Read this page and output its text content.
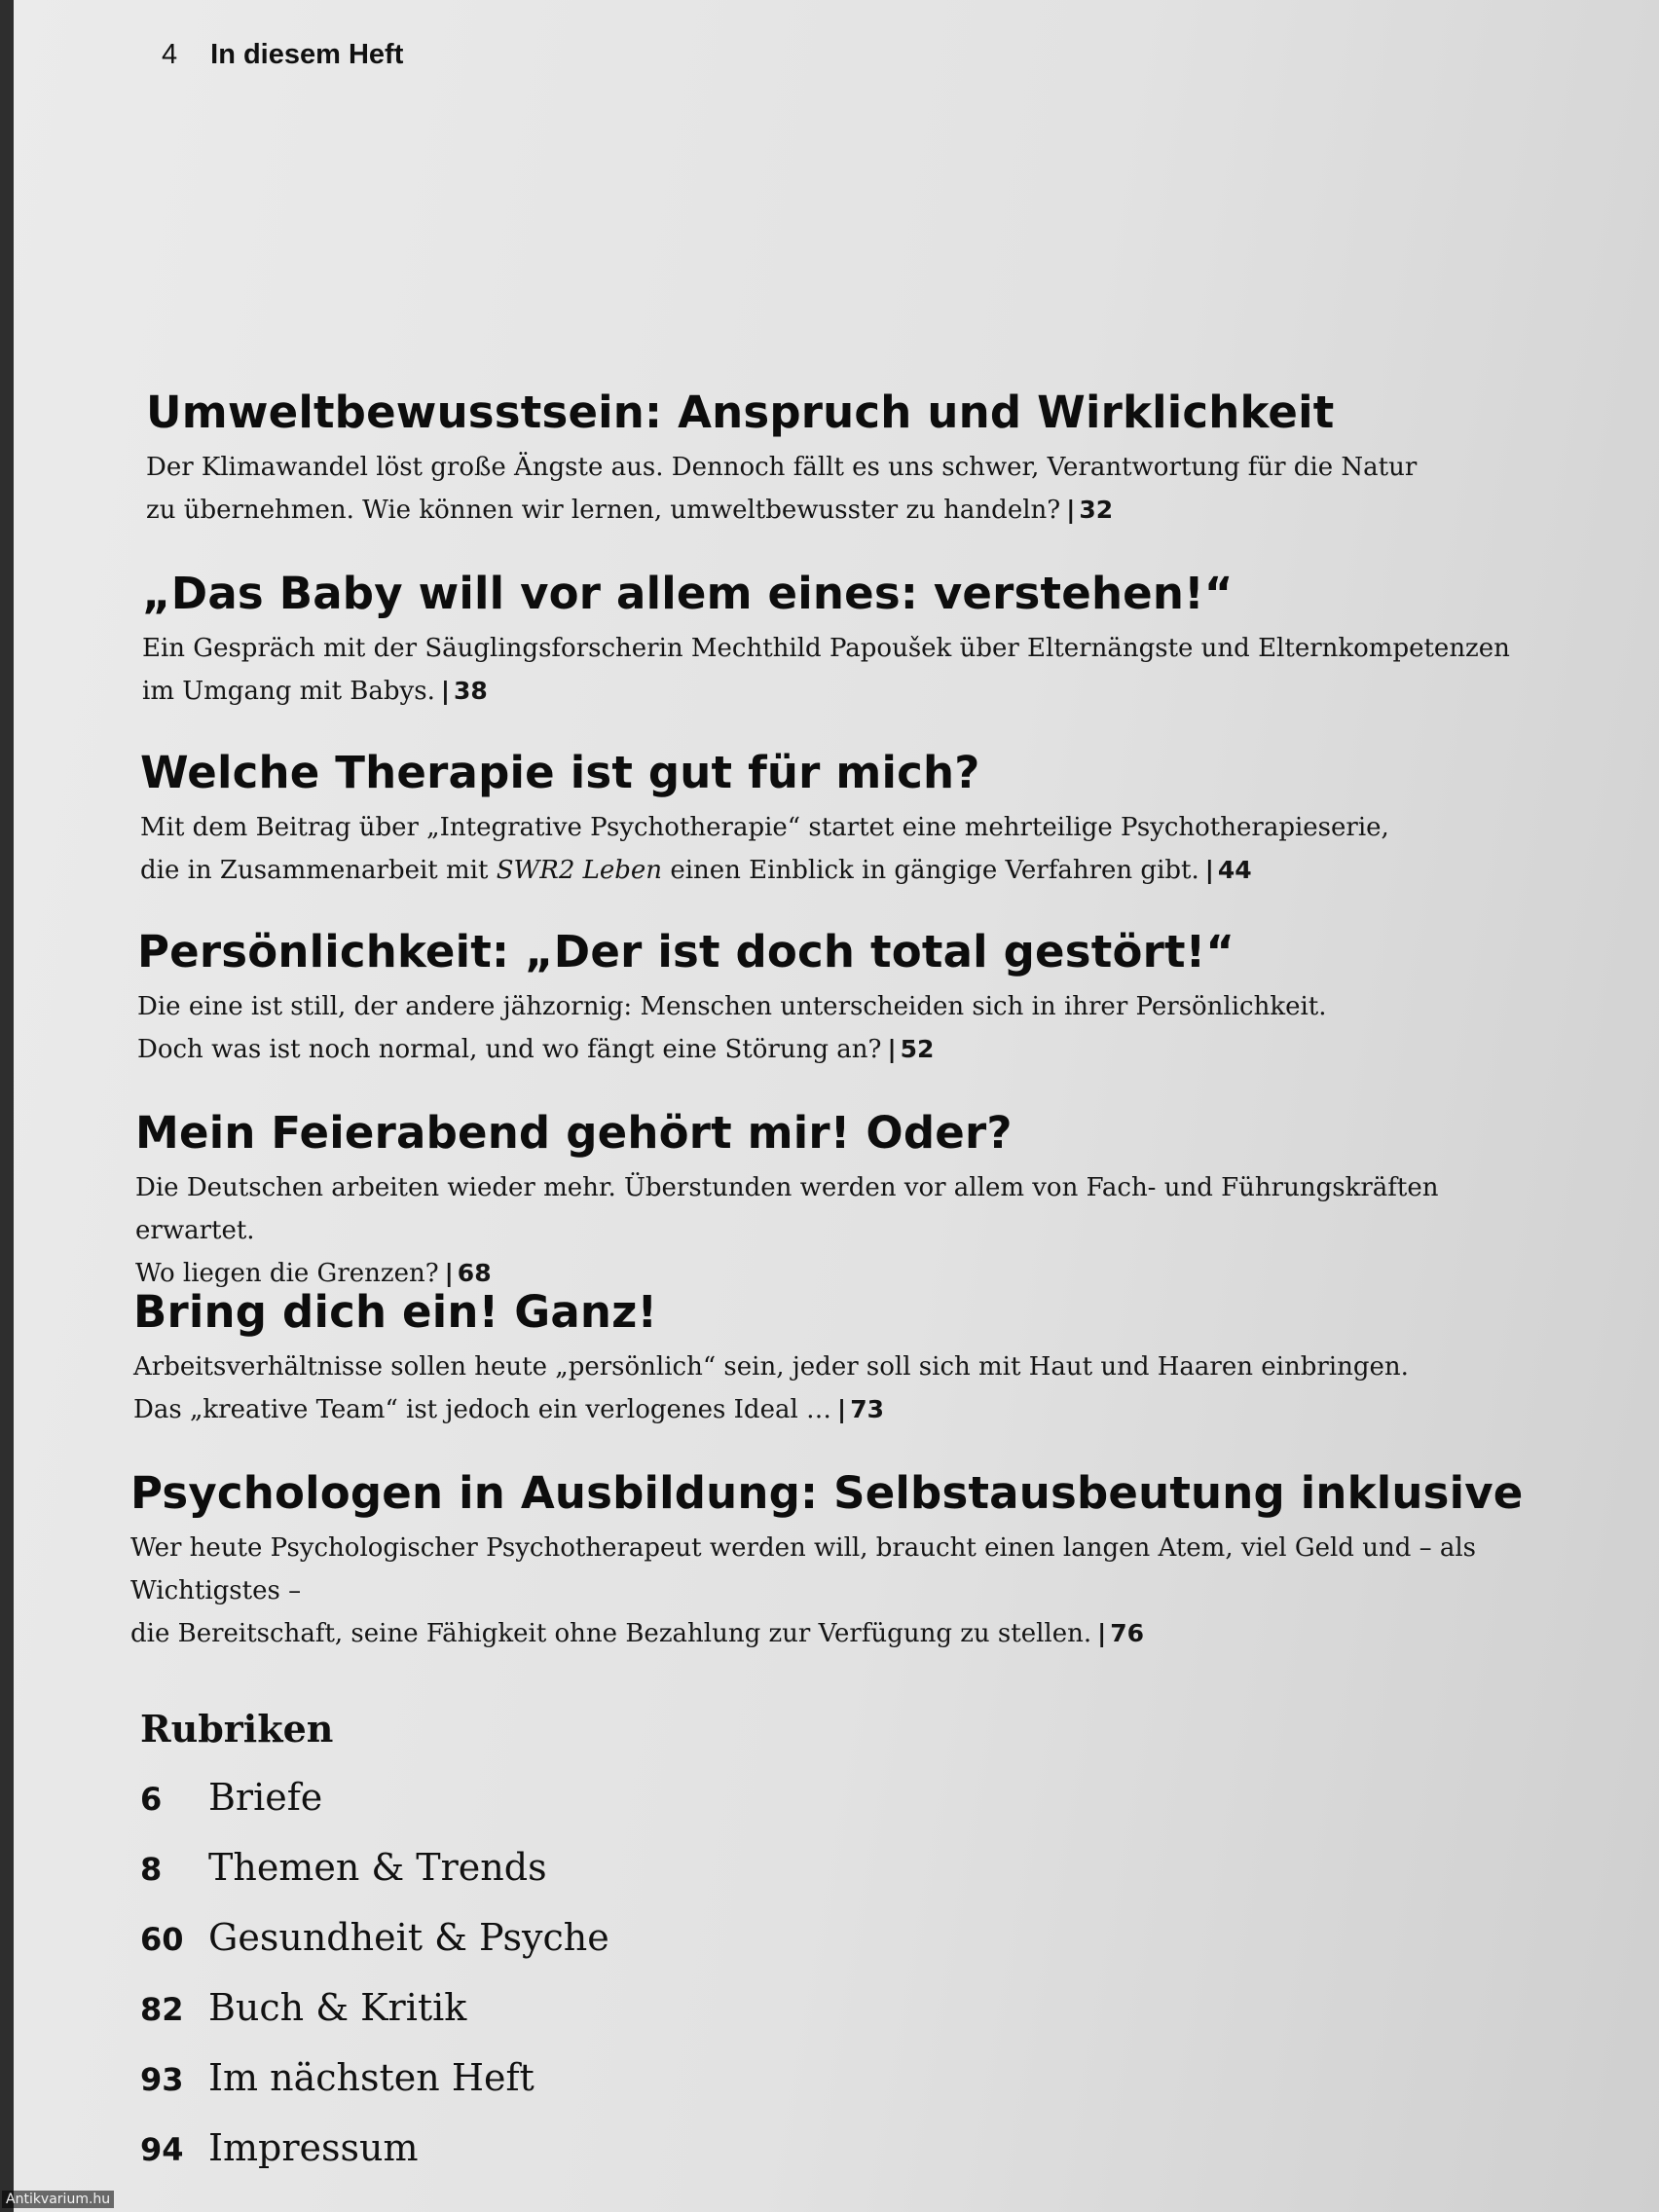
4 In diesem Heft
Umweltbewusstsein: Anspruch und Wirklichkeit

Der Klimawandel löst große Ängste aus. Dennoch fällt es uns schwer, Verantwortung für die Natur
zu übernehmen. Wie können wir lernen, umweltbewusster zu handeln? | 32

„Das Baby will vor allem eines: verstehen!“

Ein Gespräch mit der Säuglingsforscherin Mechthild Papoušek über Elternängste und Elternkompetenzen
im Umgang mit Babys. | 38

Welche Therapie ist gut für mich?

Mit dem Beitrag über „Integrative Psychotherapie“ startet eine mehrteilige Psychotherapieserie,
die in Zusammenarbeit mit SWR2 Leben einen Einblick in gängige Verfahren gibt. | 44

Persönlichkeit: „Der ist doch total gestört!“

Die eine ist still, der andere jähzornig: Menschen unterscheiden sich in ihrer Persönlichkeit.
Doch was ist noch normal, und wo fängt eine Störung an? | 52

Mein Feierabend gehört mir! Oder?

Die Deutschen arbeiten wieder mehr. Überstunden werden vor allem von Fach- und Führungskräften erwartet.
Wo liegen die Grenzen? | 68

Bring dich ein! Ganz!

Arbeitsverhältnisse sollen heute „persönlich“ sein, jeder soll sich mit Haut und Haaren einbringen.
Das „kreative Team“ ist jedoch ein verlogenes Ideal … | 73

Psychologen in Ausbildung: Selbstausbeutung inklusive

Wer heute Psychologischer Psychotherapeut werden will, braucht einen langen Atem, viel Geld und – als Wichtigstes –
die Bereitschaft, seine Fähigkeit ohne Bezahlung zur Verfügung zu stellen. | 76

Rubriken
6	Briefe
8	Themen & Trends
60 Gesundheit & Psyche
82 Buch & Kritik
93 Im nächsten Heft
94 Impressum
Antikvarium.hu
